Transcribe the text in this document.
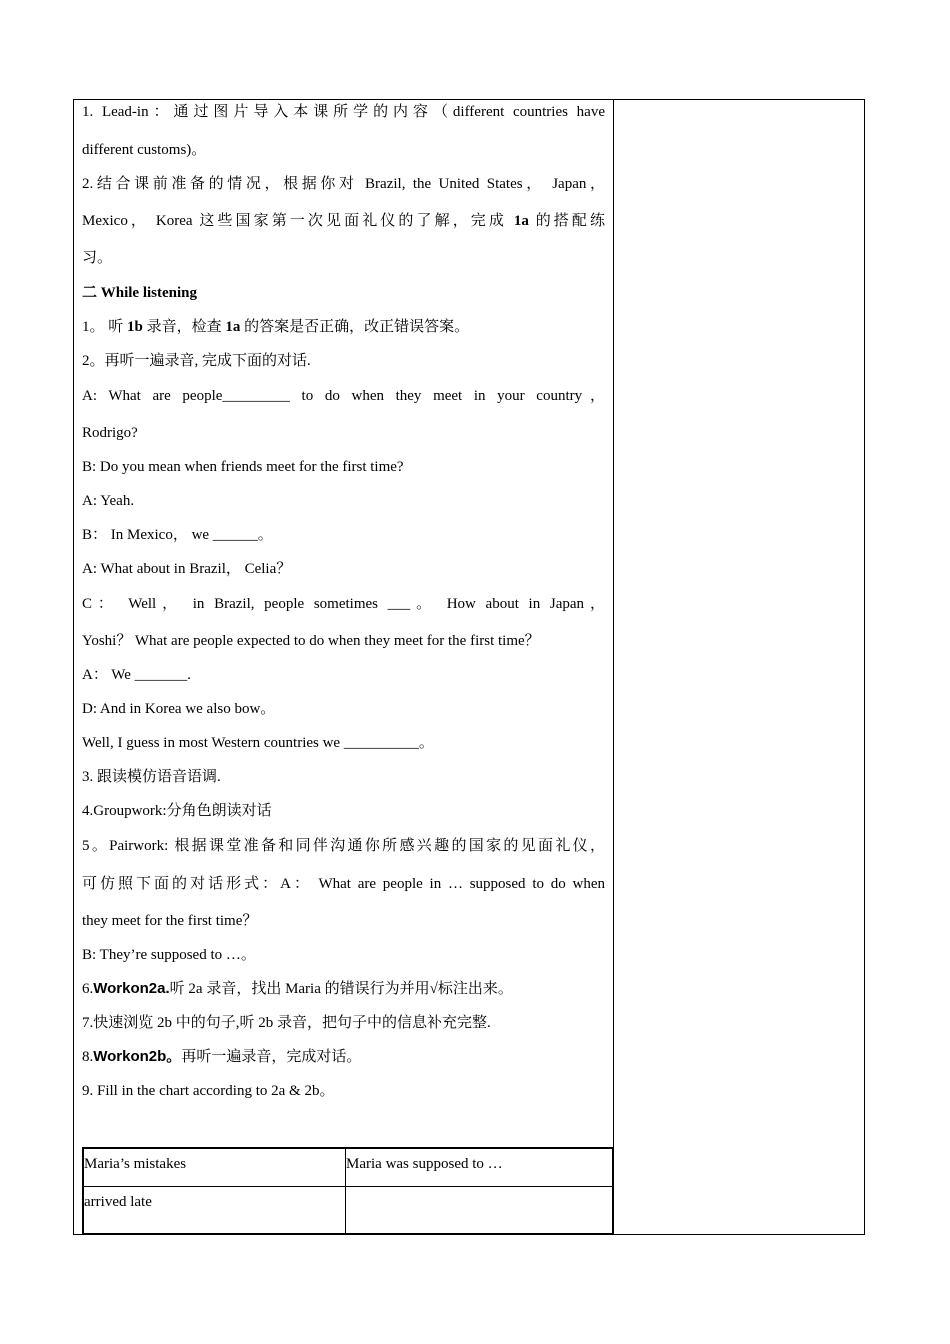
1. Lead-in：通过图片导入本课所学的内容（different countries have
different customs)。
2.结合课前准备的情况，根据你对 Brazil, the United States， Japan，
Mexico， Korea 这些国家第一次见面礼仪的了解，完成 1a 的搭配练
习。
二 While listening
1。 听 1b 录音，检查 1a 的答案是否正确，改正错误答案。
2。再听一遍录音, 完成下面的对话.
A: What are people_________ to do when they meet in your country，
Rodrigo?
B: Do you mean when friends meet for the first time?
A: Yeah.
B： In Mexico， we ______。
A: What about in Brazil， Celia？
C： Well， in Brazil, people sometimes ___。 How about in Japan，
Yoshi？ What are people expected to do when they meet for the first time？
A： We _______.
D: And in Korea we also bow。
Well, I guess in most Western countries we __________。
3. 跟读模仿语音语调.
4.Groupwork:分角色朗读对话
5。Pairwork: 根据课堂准备和同伴沟通你所感兴趣的国家的见面礼仪，
可仿照下面的对话形式：A： What are people in … supposed to do when
they meet for the first time？
B: They’re supposed to …。
6.Workon2a.听 2a 录音，找出 Maria 的错误行为并用√标注出来。
7.快速浏览 2b 中的句子,听 2b 录音，把句子中的信息补充完整.
8.Workon2b。再听一遍录音，完成对话。
9. Fill in the chart according to 2a & 2b。
Maria’s mistakes	Maria was supposed to …
arrived late
